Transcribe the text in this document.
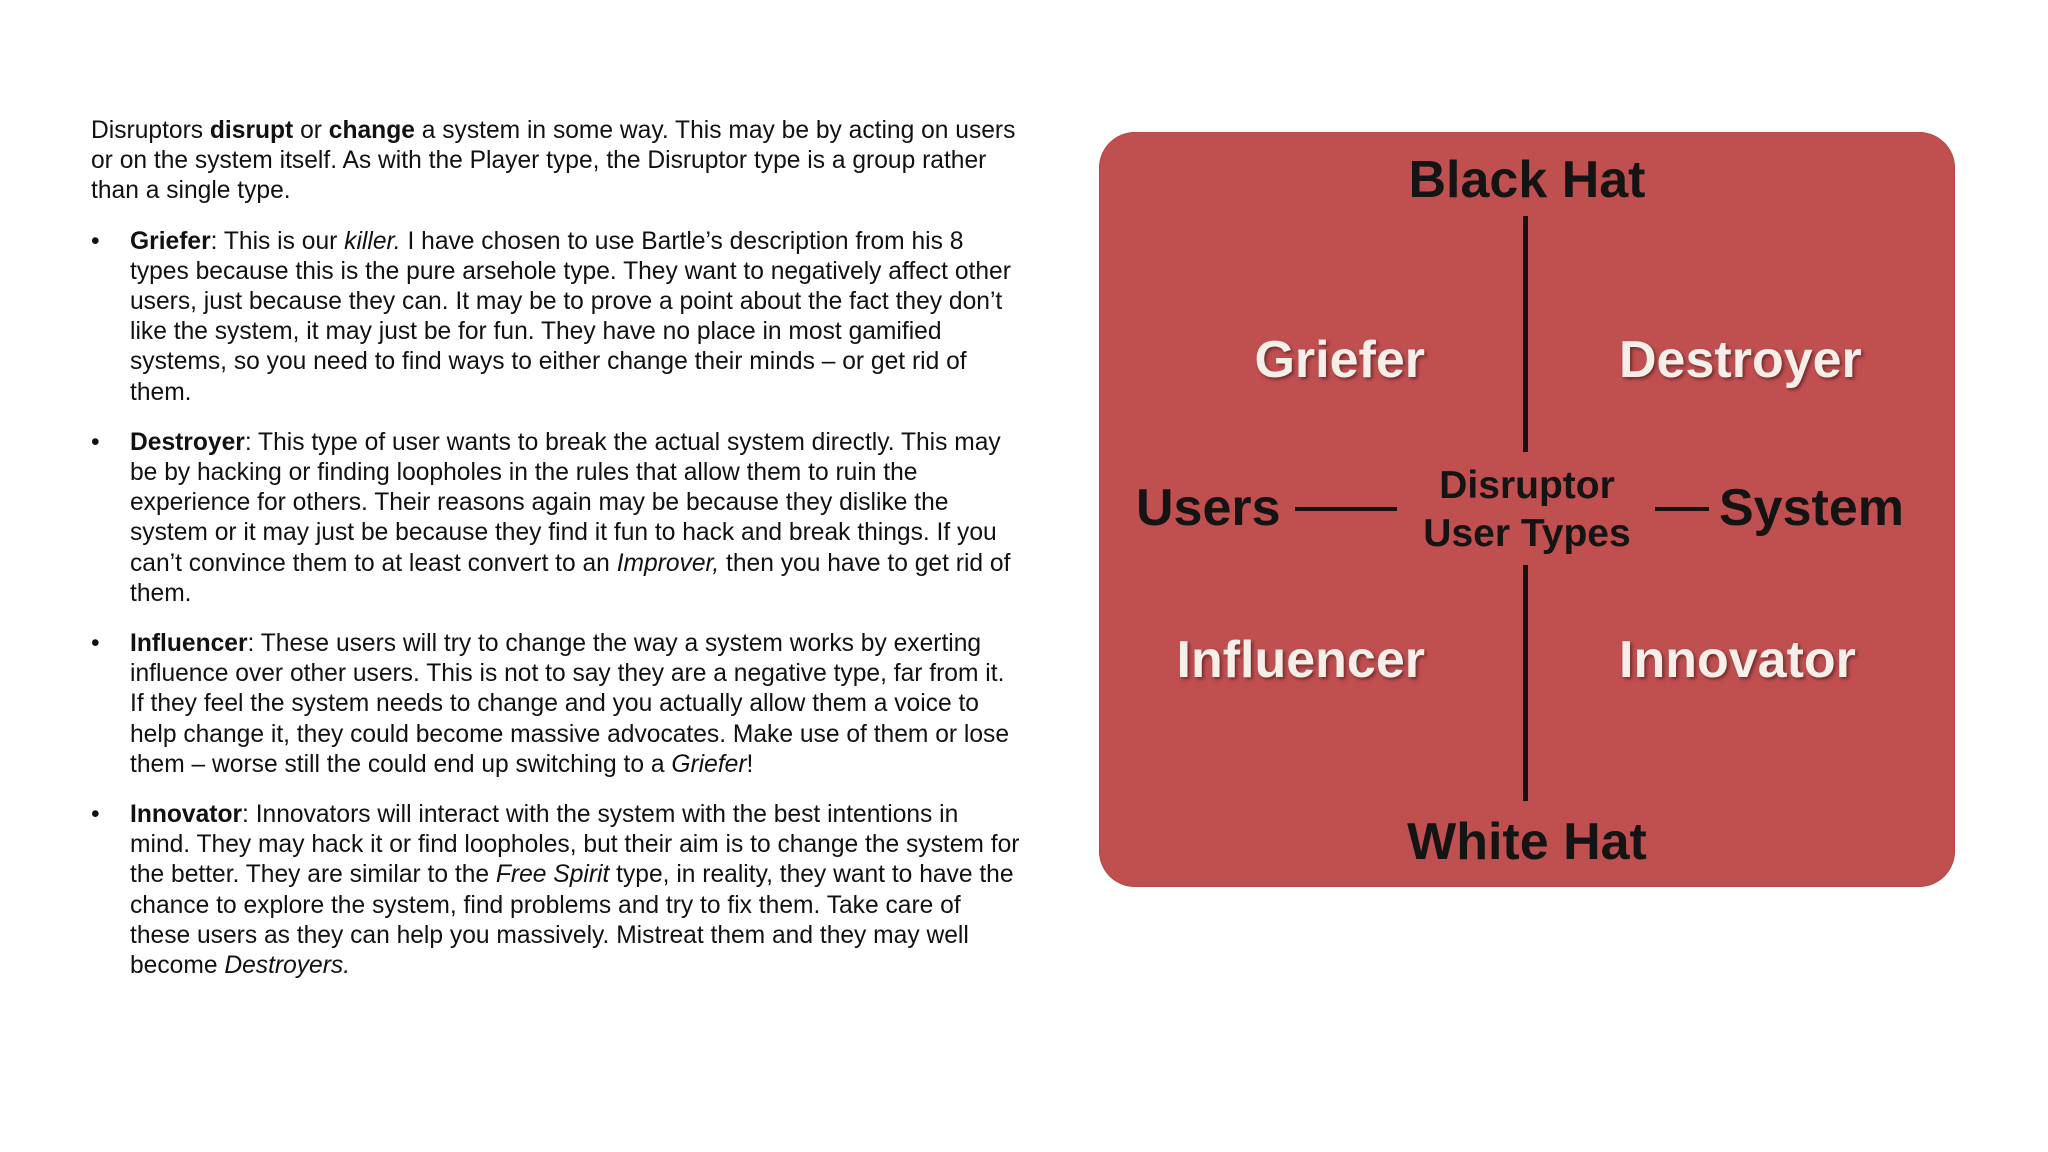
Disruptors disrupt or change a system in some way. This may be by acting on users or on the system itself. As with the Player type, the Disruptor type is a group rather than a single type.

•	Griefer: This is our killer. I have chosen to use Bartle’s description from his 8 types because this is the pure arsehole type. They want to negatively affect other users, just because they can. It may be to prove a point about the fact they don’t like the system, it may just be for fun. They have no place in most gamified systems, so you need to find ways to either change their minds – or get rid of them.
•	Destroyer: This type of user wants to break the actual system directly. This may be by hacking or finding loopholes in the rules that allow them to ruin the experience for others. Their reasons again may be because they dislike the system or it may just be because they find it fun to hack and break things. If you can’t convince them to at least convert to an Improver, then you have to get rid of them.
•	Influencer: These users will try to change the way a system works by exerting influence over other users. This is not to say they are a negative type, far from it. If they feel the system needs to change and you actually allow them a voice to help change it, they could become massive advocates. Make use of them or lose them – worse still the could end up switching to a Griefer!
•	Innovator: Innovators will interact with the system with the best intentions in mind. They may hack it or find loopholes, but their aim is to change the system for the better. They are similar to the Free Spirit type, in reality, they want to have the chance to explore the system, find problems and try to fix them. Take care of these users as they can help you massively. Mistreat them and they may well become Destroyers.
Black Hat
White Hat
Users	System
Disruptor
User Types
Griefer	Destroyer
Influencer	Innovator
